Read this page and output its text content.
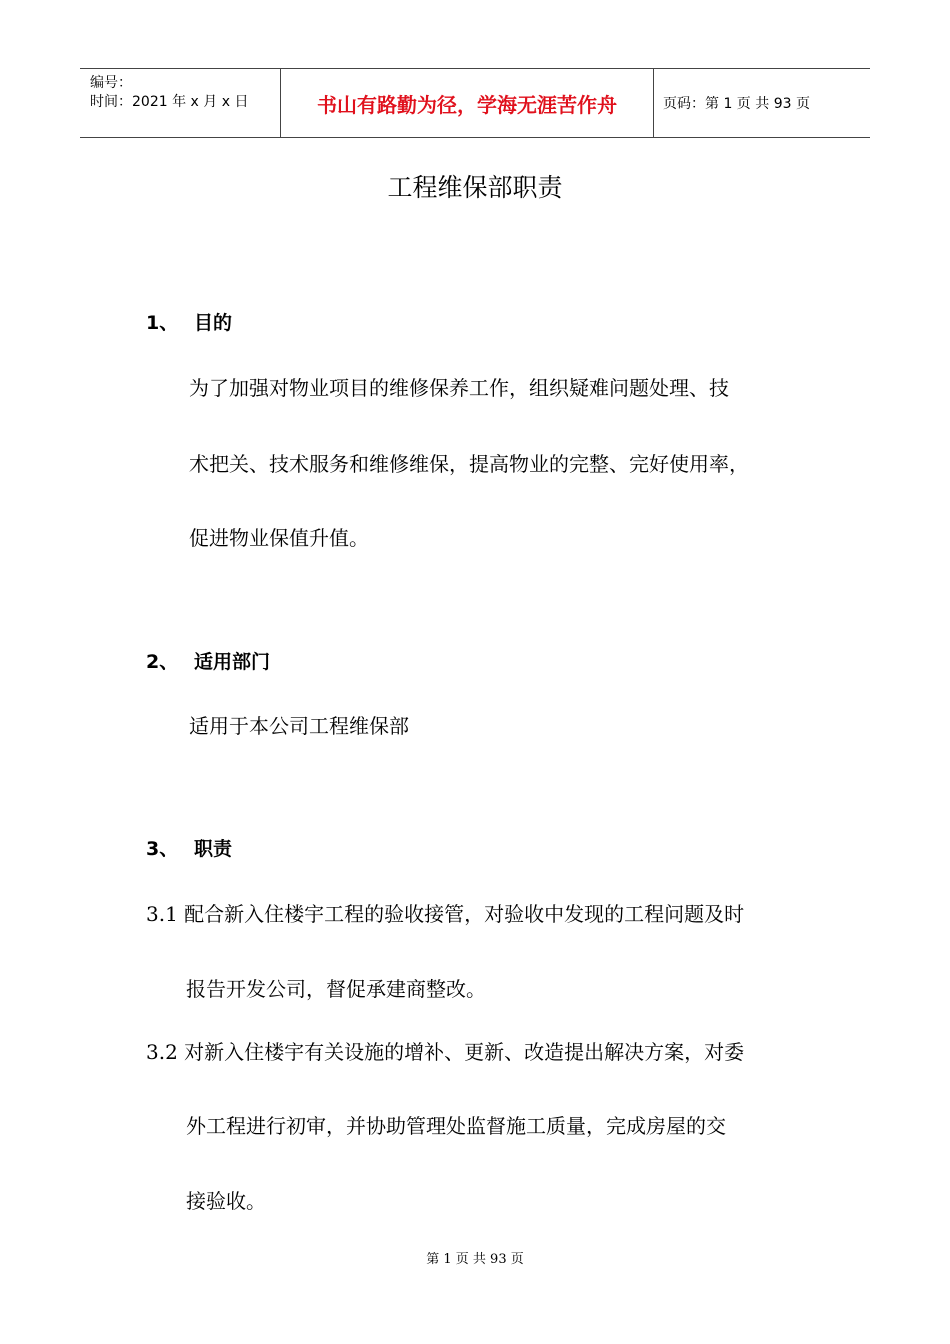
编号：
时间：2021 年 x 月 x 日	书山有路勤为径，学海无涯苦作舟	页码：第 1 页 共 93 页
工程维保部职责
1、 目的
为了加强对物业项目的维修保养工作，组织疑难问题处理、技
术把关、技术服务和维修维保，提高物业的完整、完好使用率，
促进物业保值升值。
2、 适用部门
适用于本公司工程维保部
3、 职责
3.1 配合新入住楼宇工程的验收接管，对验收中发现的工程问题及时
报告开发公司，督促承建商整改。
3.2 对新入住楼宇有关设施的增补、更新、改造提出解决方案，对委
外工程进行初审，并协助管理处监督施工质量，完成房屋的交
接验收。
第 1 页 共 93 页
